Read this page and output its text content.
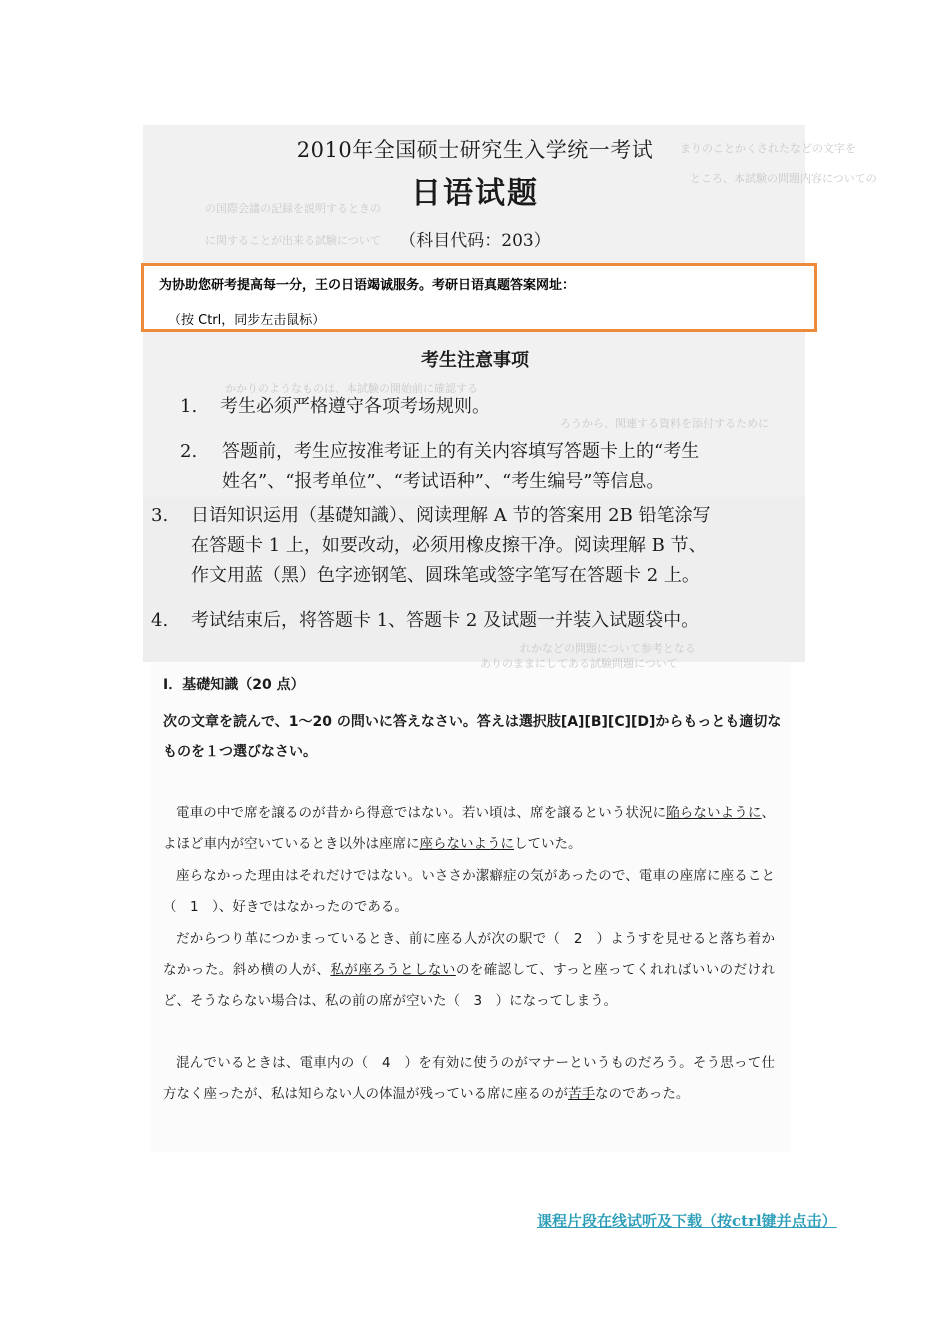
まりのことかくされたなどの文字を
ところ、本試験の問題内容についての
の国際会議の記録を説明するときの
に関することが出来る試験について
かかりのようなものは、本試験の開始前に確認する
ろうから、関連する資料を添付するために
れかなどの問題について参考となる
ありのままにしてある試験問題について
2010年全国硕士研究生入学统一考试
日语试题
（科目代码：203）
为协助您研考提高每一分，王の日语竭诚服务。考研日语真题答案网址：
（按 Ctrl，同步左击鼠标）
考生注意事项
1. 考生必须严格遵守各项考场规则。
2. 答题前，考生应按准考证上的有关内容填写答题卡上的“考生
姓名”、“报考单位”、“考试语种”、“考生编号”等信息。
3. 日语知识运用（基礎知識）、阅读理解 A 节的答案用 2B 铅笔涂写
在答题卡 1 上，如要改动，必须用橡皮擦干净。阅读理解 B 节、
作文用蓝（黑）色字迹钢笔、圆珠笔或签字笔写在答题卡 2 上。
4. 考试结束后，将答题卡 1、答题卡 2 及试题一并装入试题袋中。
Ⅰ．基礎知識（20 点）
次の文章を読んで、1～20 の問いに答えなさい。答えは選択肢[A][B][C][D]からもっとも適切なものを１つ選びなさい。
電車の中で席を譲るのが昔から得意ではない。若い頃は、席を譲るという状況に陥らないように、よほど車内が空いているとき以外は座席に座らないようにしていた。
座らなかった理由はそれだけではない。いささか潔癖症の気があったので、電車の座席に座ること（　1　）、好きではなかったのである。
だからつり革につかまっているとき、前に座る人が次の駅で（　2　）ようすを見せると落ち着かなかった。斜め横の人が、私が座ろうとしないのを確認して、すっと座ってくれればいいのだけれど、そうならない場合は、私の前の席が空いた（　3　）になってしまう。
混んでいるときは、電車内の（　4　）を有効に使うのがマナーというものだろう。そう思って仕方なく座ったが、私は知らない人の体温が残っている席に座るのが苦手なのであった。
课程片段在线试听及下载（按ctrl键并点击）
